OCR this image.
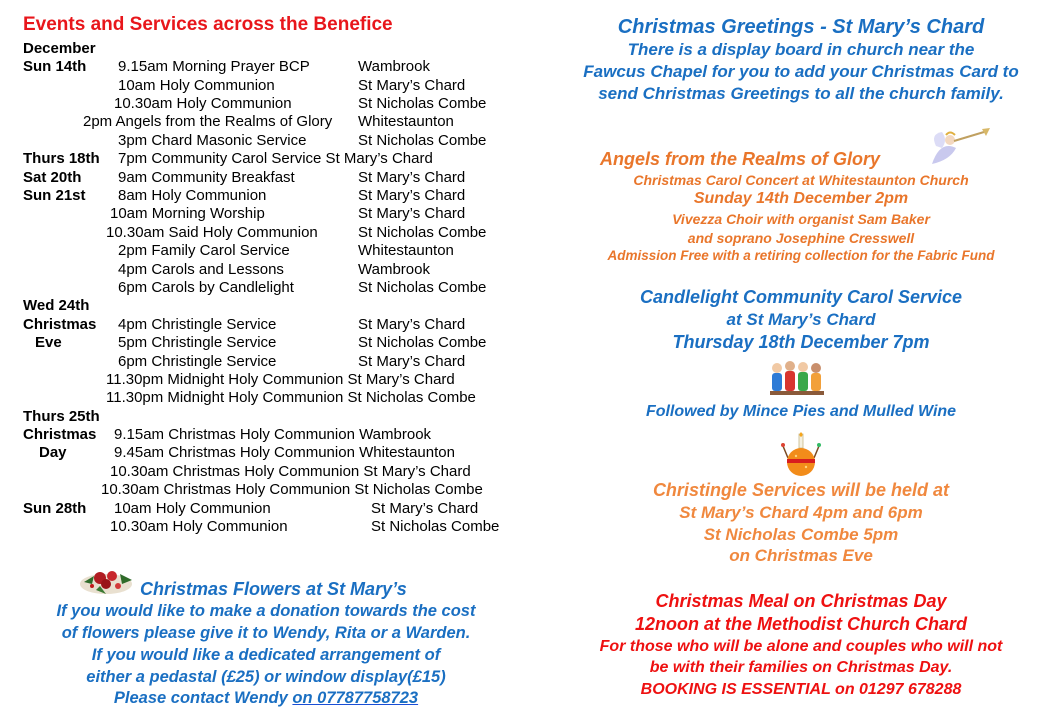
Events and Services across the Benefice
December
Sun 14th 9.15am Morning Prayer BCP	Wambrook
10am Holy Communion	St Mary’s Chard
10.30am Holy Communion	St Nicholas Combe
2pm Angels from the Realms of Glory Whitestaunton
3pm Chard Masonic Service	St Nicholas Combe
Thurs 18th 7pm Community Carol Service St Mary’s Chard
Sat 20th 9am Community Breakfast	St Mary’s Chard
Sun 21st 8am Holy Communion	St Mary’s Chard
10am Morning Worship	St Mary’s Chard
10.30am Said Holy Communion	St Nicholas Combe
2pm Family Carol Service	Whitestaunton
4pm Carols and Lessons	Wambrook
6pm Carols by Candlelight	St Nicholas Combe
Wed 24th
Christmas 4pm Christingle Service	St Mary’s Chard
Eve	5pm Christingle Service	St Nicholas Combe
6pm Christingle Service	St Mary’s Chard
11.30pm Midnight Holy Communion St Mary’s Chard
11.30pm Midnight Holy Communion St Nicholas Combe
Thurs 25th
Christmas 9.15am Christmas Holy Communion Wambrook
Day	9.45am Christmas Holy Communion Whitestaunton
10.30am Christmas Holy Communion St Mary’s Chard
10.30am Christmas Holy Communion St Nicholas Combe
Sun 28th 10am Holy Communion	St Mary’s Chard
10.30am Holy Communion	St Nicholas Combe
Christmas Flowers at St Mary’s
If you would like to make a donation towards the cost
of flowers please give it to Wendy, Rita or a Warden.
If you would like a dedicated arrangement of
either a pedastal (£25) or window display(£15)
Please contact Wendy on 07787758723
Christmas Greetings - St Mary’s Chard
There is a display board in church near the
Fawcus Chapel for you to add your Christmas Card to
send Christmas Greetings to all the church family.
Angels from the Realms of Glory
Christmas Carol Concert at Whitestaunton Church
Sunday 14th December 2pm
Vivezza Choir with organist Sam Baker
and soprano Josephine Cresswell
Admission Free with a retiring collection for the Fabric Fund
Candlelight Community Carol Service
at St Mary’s Chard
Thursday 18th December 7pm
Followed by Mince Pies and Mulled Wine
Christingle Services will be held at
St Mary’s Chard 4pm and 6pm
St Nicholas Combe 5pm
on Christmas Eve
Christmas Meal on Christmas Day
12noon at the Methodist Church Chard
For those who will be alone and couples who will not
be with their families on Christmas Day.
BOOKING IS ESSENTIAL on 01297 678288
